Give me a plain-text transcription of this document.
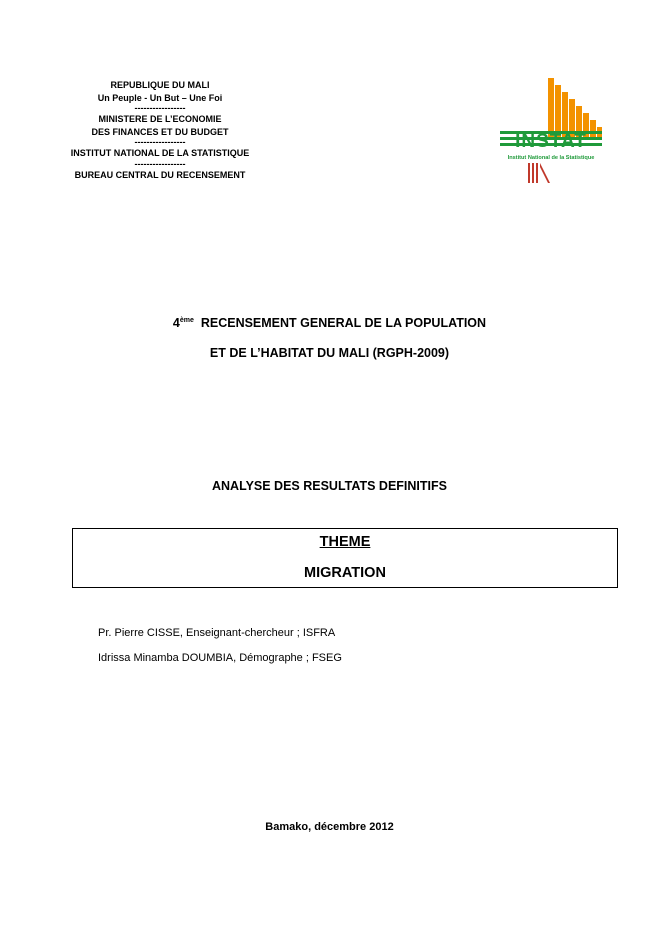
REPUBLIQUE DU MALI
Un Peuple - Un But – Une Foi
-----------------
MINISTERE DE L’ECONOMIE
DES FINANCES ET DU BUDGET
-----------------
INSTITUT NATIONAL DE LA STATISTIQUE
-----------------
BUREAU CENTRAL DU RECENSEMENT
INSTAT
Institut National de la Statistique
4ème RECENSEMENT GENERAL DE LA POPULATION
ET DE L’HABITAT DU MALI (RGPH-2009)
ANALYSE DES RESULTATS DEFINITIFS
THEME
MIGRATION
Pr. Pierre CISSE, Enseignant-chercheur ; ISFRA
Idrissa Minamba DOUMBIA, Démographe ; FSEG
Bamako, décembre 2012
